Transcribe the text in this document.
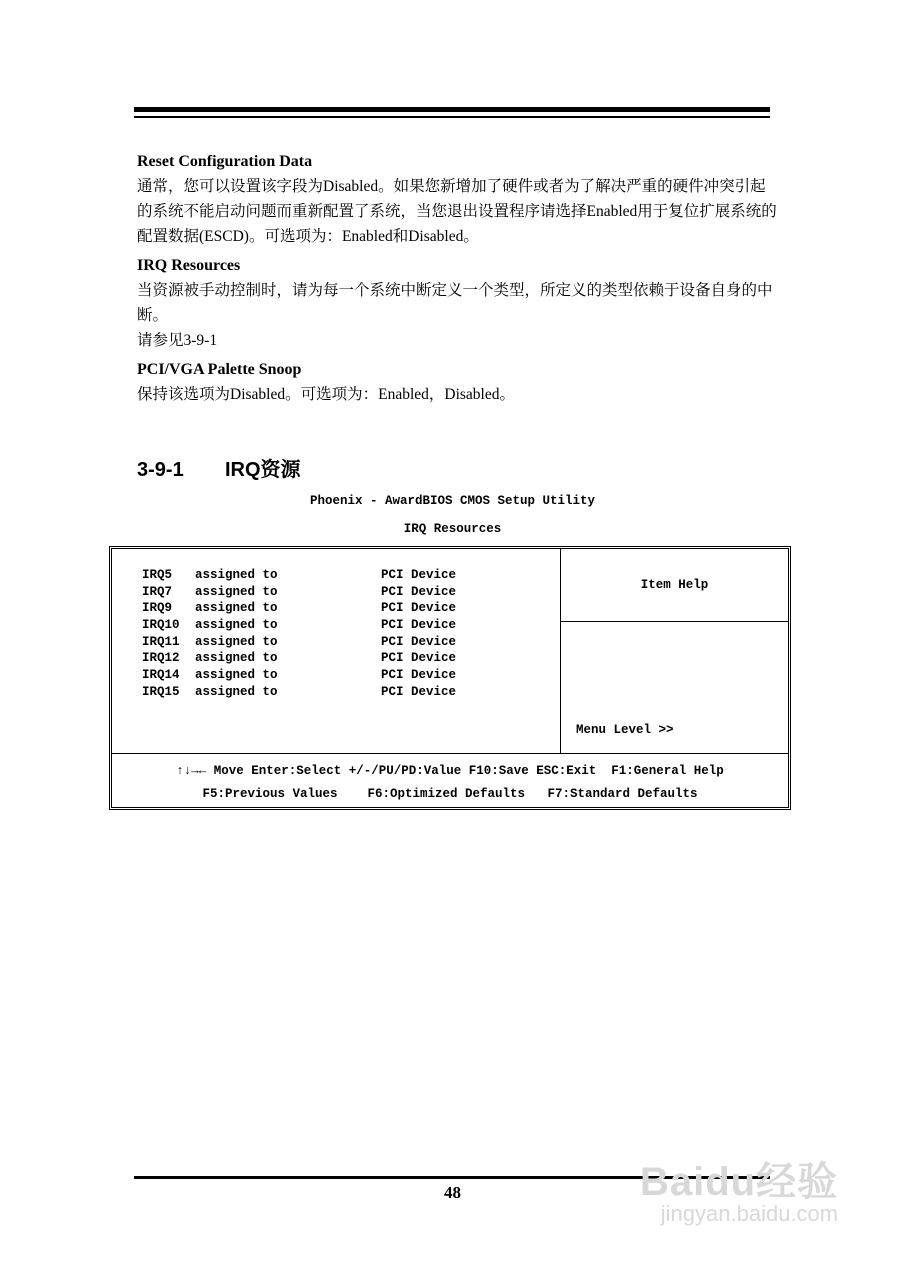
Reset Configuration Data

通常，您可以设置该字段为Disabled。如果您新增加了硬件或者为了解决严重的硬件冲突引起的系统不能启动问题而重新配置了系统，当您退出设置程序请选择Enabled用于复位扩展系统的配置数据(ESCD)。可选项为：Enabled和Disabled。

IRQ Resources

当资源被手动控制时，请为每一个系统中断定义一个类型，所定义的类型依赖于设备自身的中断。

请参见3-9-1

PCI/VGA Palette Snoop

保持该选项为Disabled。可选项为：Enabled，Disabled。

3-9-1 IRQ资源
Phoenix - AwardBIOS CMOS Setup Utility
IRQ Resources
IRQ5 assigned to	PCI Device
IRQ7 assigned to	PCI Device
IRQ9 assigned to	PCI Device
IRQ10 assigned to	PCI Device
IRQ11 assigned to	PCI Device
IRQ12 assigned to	PCI Device
IRQ14 assigned to	PCI Device
IRQ15 assigned to	PCI Device
Item Help
Menu Level >>
↑↓→← Move Enter:Select +/-/PU/PD:Value F10:Save ESC:Exit  F1:General Help
F5:Previous Values    F6:Optimized Defaults   F7:Standard Defaults
48	Baidu经验
jingyan.baidu.com
